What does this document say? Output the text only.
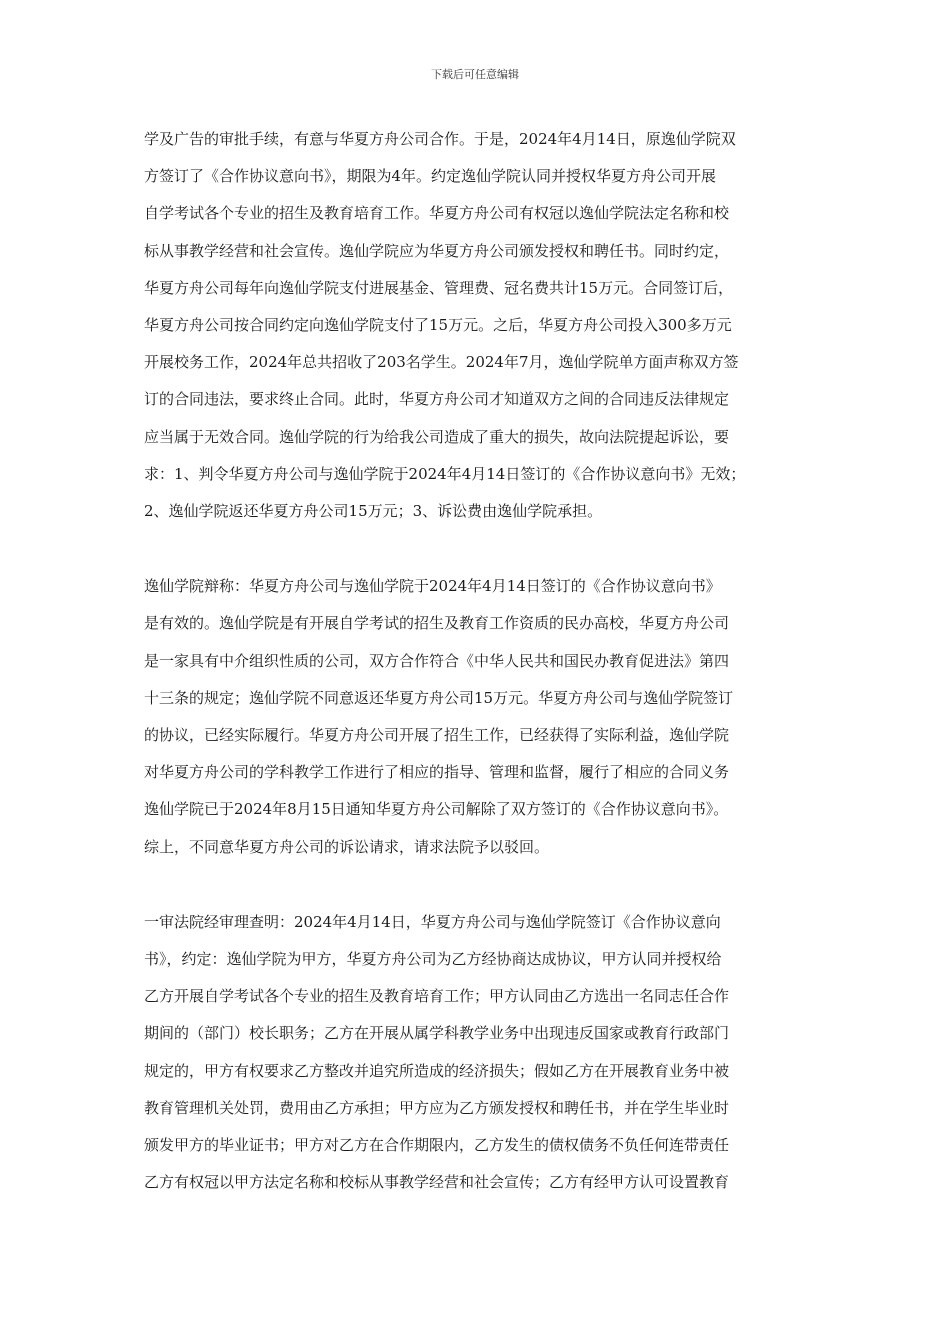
下载后可任意编辑
学及广告的审批手续，有意与华夏方舟公司合作。于是，2024年4月14日，原逸仙学院双
方签订了《合作协议意向书》，期限为4年。约定逸仙学院认同并授权华夏方舟公司开展
自学考试各个专业的招生及教育培育工作。华夏方舟公司有权冠以逸仙学院法定名称和校
标从事教学经营和社会宣传。逸仙学院应为华夏方舟公司颁发授权和聘任书。同时约定，
华夏方舟公司每年向逸仙学院支付进展基金、管理费、冠名费共计15万元。合同签订后，
华夏方舟公司按合同约定向逸仙学院支付了15万元。之后，华夏方舟公司投入300多万元
开展校务工作，2024年总共招收了203名学生。2024年7月，逸仙学院单方面声称双方签
订的合同违法，要求终止合同。此时，华夏方舟公司才知道双方之间的合同违反法律规定
应当属于无效合同。逸仙学院的行为给我公司造成了重大的损失，故向法院提起诉讼，要
求：1、判令华夏方舟公司与逸仙学院于2024年4月14日签订的《合作协议意向书》无效；
2、逸仙学院返还华夏方舟公司15万元；3、诉讼费由逸仙学院承担。
逸仙学院辩称：华夏方舟公司与逸仙学院于2024年4月14日签订的《合作协议意向书》
是有效的。逸仙学院是有开展自学考试的招生及教育工作资质的民办高校，华夏方舟公司
是一家具有中介组织性质的公司，双方合作符合《中华人民共和国民办教育促进法》第四
十三条的规定；逸仙学院不同意返还华夏方舟公司15万元。华夏方舟公司与逸仙学院签订
的协议，已经实际履行。华夏方舟公司开展了招生工作，已经获得了实际利益，逸仙学院
对华夏方舟公司的学科教学工作进行了相应的指导、管理和监督，履行了相应的合同义务
逸仙学院已于2024年8月15日通知华夏方舟公司解除了双方签订的《合作协议意向书》。
综上，不同意华夏方舟公司的诉讼请求，请求法院予以驳回。
一审法院经审理查明：2024年4月14日，华夏方舟公司与逸仙学院签订《合作协议意向
书》，约定：逸仙学院为甲方，华夏方舟公司为乙方经协商达成协议，甲方认同并授权给
乙方开展自学考试各个专业的招生及教育培育工作；甲方认同由乙方选出一名同志任合作
期间的（部门）校长职务；乙方在开展从属学科教学业务中出现违反国家或教育行政部门
规定的，甲方有权要求乙方整改并追究所造成的经济损失；假如乙方在开展教育业务中被
教育管理机关处罚，费用由乙方承担；甲方应为乙方颁发授权和聘任书，并在学生毕业时
颁发甲方的毕业证书；甲方对乙方在合作期限内，乙方发生的债权债务不负任何连带责任
乙方有权冠以甲方法定名称和校标从事教学经营和社会宣传；乙方有经甲方认可设置教育
